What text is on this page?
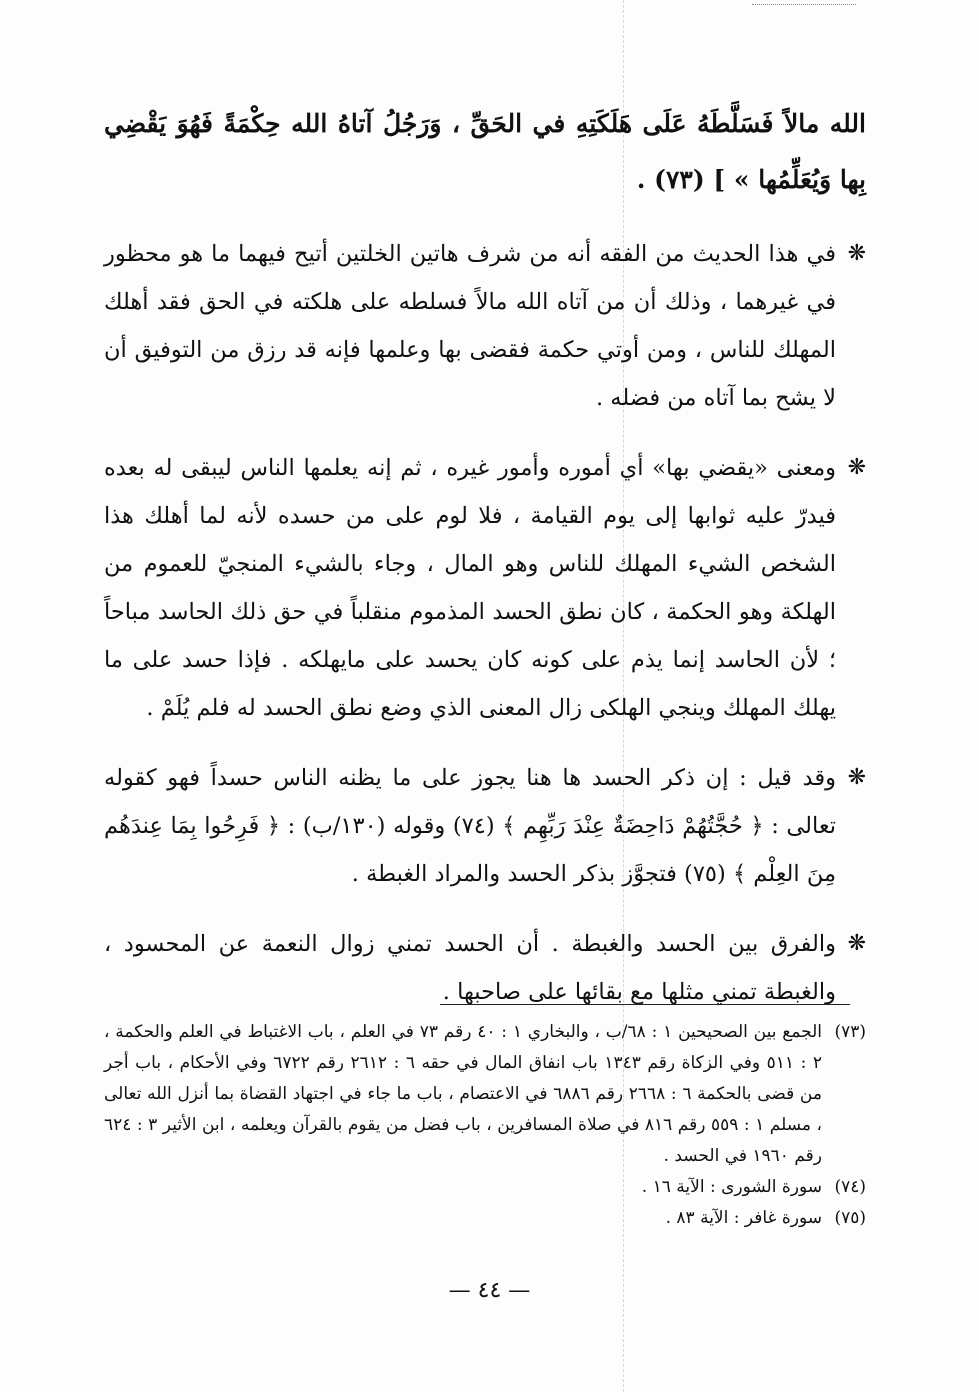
الله مالاً فَسَلَّطَهُ عَلَى هَلَكَتِهِ في الحَقِّ ، وَرَجُلُ آتاهُ الله حِكْمَةً فَهُوَ يَقْضِي بِها وَيُعَلِّمُها » ] (٧٣) .

❋
في هذا الحديث من الفقه أنه من شرف هاتين الخلتين أتيح فيهما ما هو محظور في غيرهما ، وذلك أن من آتاه الله مالاً فسلطه على هلكته في الحق فقد أهلك المهلك للناس ، ومن أوتي حكمة فقضى بها وعلمها فإنه قد رزق من التوفيق أن لا يشح بما آتاه من فضله .
❋
ومعنى «يقضي بها» أي أموره وأمور غيره ، ثم إنه يعلمها الناس ليبقى له بعده فيدرّ عليه ثوابها إلى يوم القيامة ، فلا لوم على من حسده لأنه لما أهلك هذا الشخص الشيء المهلك للناس وهو المال ، وجاء بالشيء المنجيّ للعموم من الهلكة وهو الحكمة ، كان نطق الحسد المذموم منقلباً في حق ذلك الحاسد مباحاً ؛ لأن الحاسد إنما يذم على كونه كان يحسد على مايهلكه . فإذا حسد على ما يهلك المهلك وينجي الهلكى زال المعنى الذي وضع نطق الحسد له فلم يُلَمْ .
❋
وقد قيل : إن ذكر الحسد ها هنا يجوز على ما يظنه الناس حسداً فهو كقوله تعالى : ﴿ حُجَّتُهُمْ دَاحِضَةٌ عِنْدَ رَبِّهِم ﴾ (٧٤) وقوله (١٣٠/ب) : ﴿ فَرِحُوا بِمَا عِندَهُم مِنَ العِلْم ﴾ (٧٥) فتجوَّز بذكر الحسد والمراد الغبطة .
❋
والفرق بين الحسد والغبطة . أن الحسد تمني زوال النعمة عن المحسود ، والغبطة تمني مثلها مع بقائها على صاحبها .
(٧٣)
الجمع بين الصحيحين ١ : ٦٨/ب ، والبخاري ١ : ٤٠ رقم ٧٣ في العلم ، باب الاغتباط في العلم والحكمة ، ٢ : ٥١١ وفي الزكاة رقم ١٣٤٣ باب انفاق المال في حقه ٦ : ٢٦١٢ رقم ٦٧٢٢ وفي الأحكام ، باب أجر من قضى بالحكمة ٦ : ٢٦٦٨ رقم ٦٨٨٦ في الاعتصام ، باب ما جاء في اجتهاد القضاة بما أنزل الله تعالى ، مسلم ١ : ٥٥٩ رقم ٨١٦ في صلاة المسافرين ، باب فضل من يقوم بالقرآن ويعلمه ، ابن الأثير ٣ : ٦٢٤ رقم ١٩٦٠ في الحسد .
(٧٤)
سورة الشورى : الآية ١٦ .
(٧٥)
سورة غافر : الآية ٨٣ .
— ٤٤ —
